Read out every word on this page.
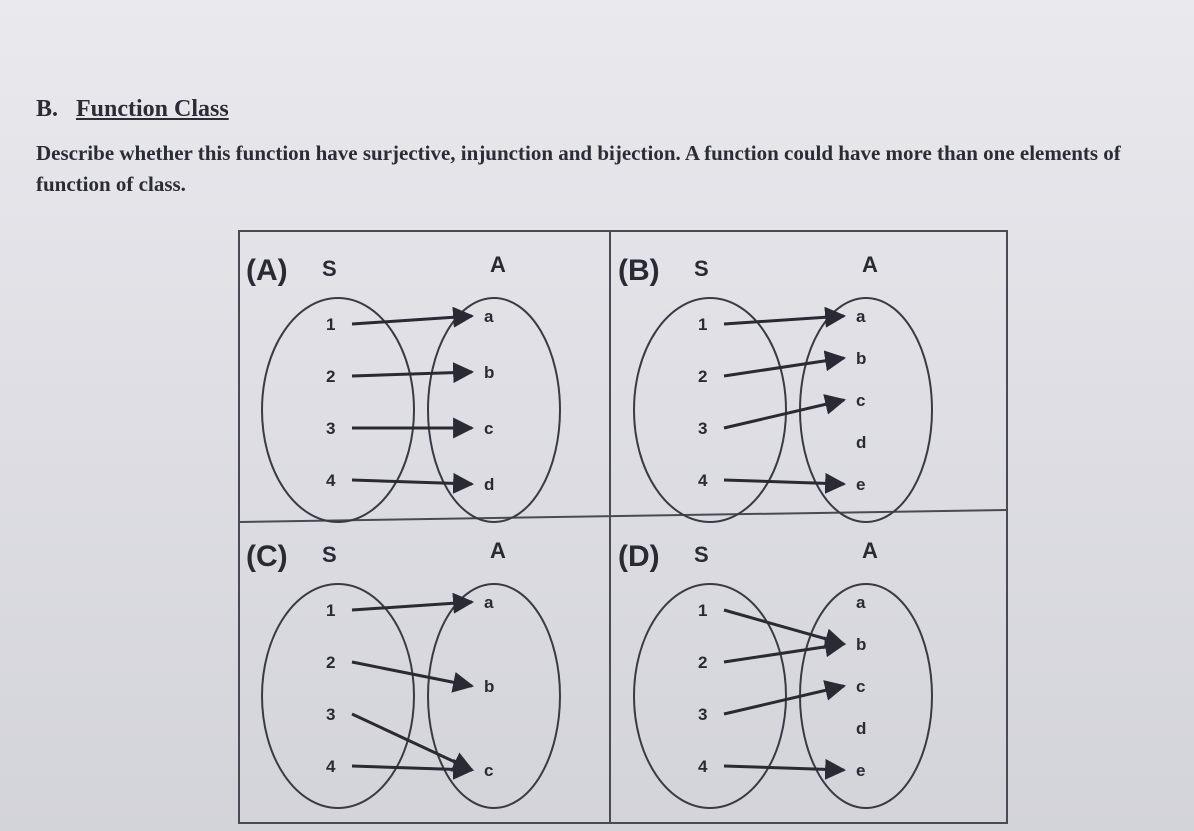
B. Function Class

Describe whether this function have surjective, injunction and bijection. A function could have more than one elements of function of class.

(A) S	A
1
2
3
4
a
b
c
d
(B) S	A
1
2
3
4
a
b
c
d
e
(C) S	A
1
2
3
4
a
b
c
(D) S	A
1
2
3
4
a
b
c
d
e
